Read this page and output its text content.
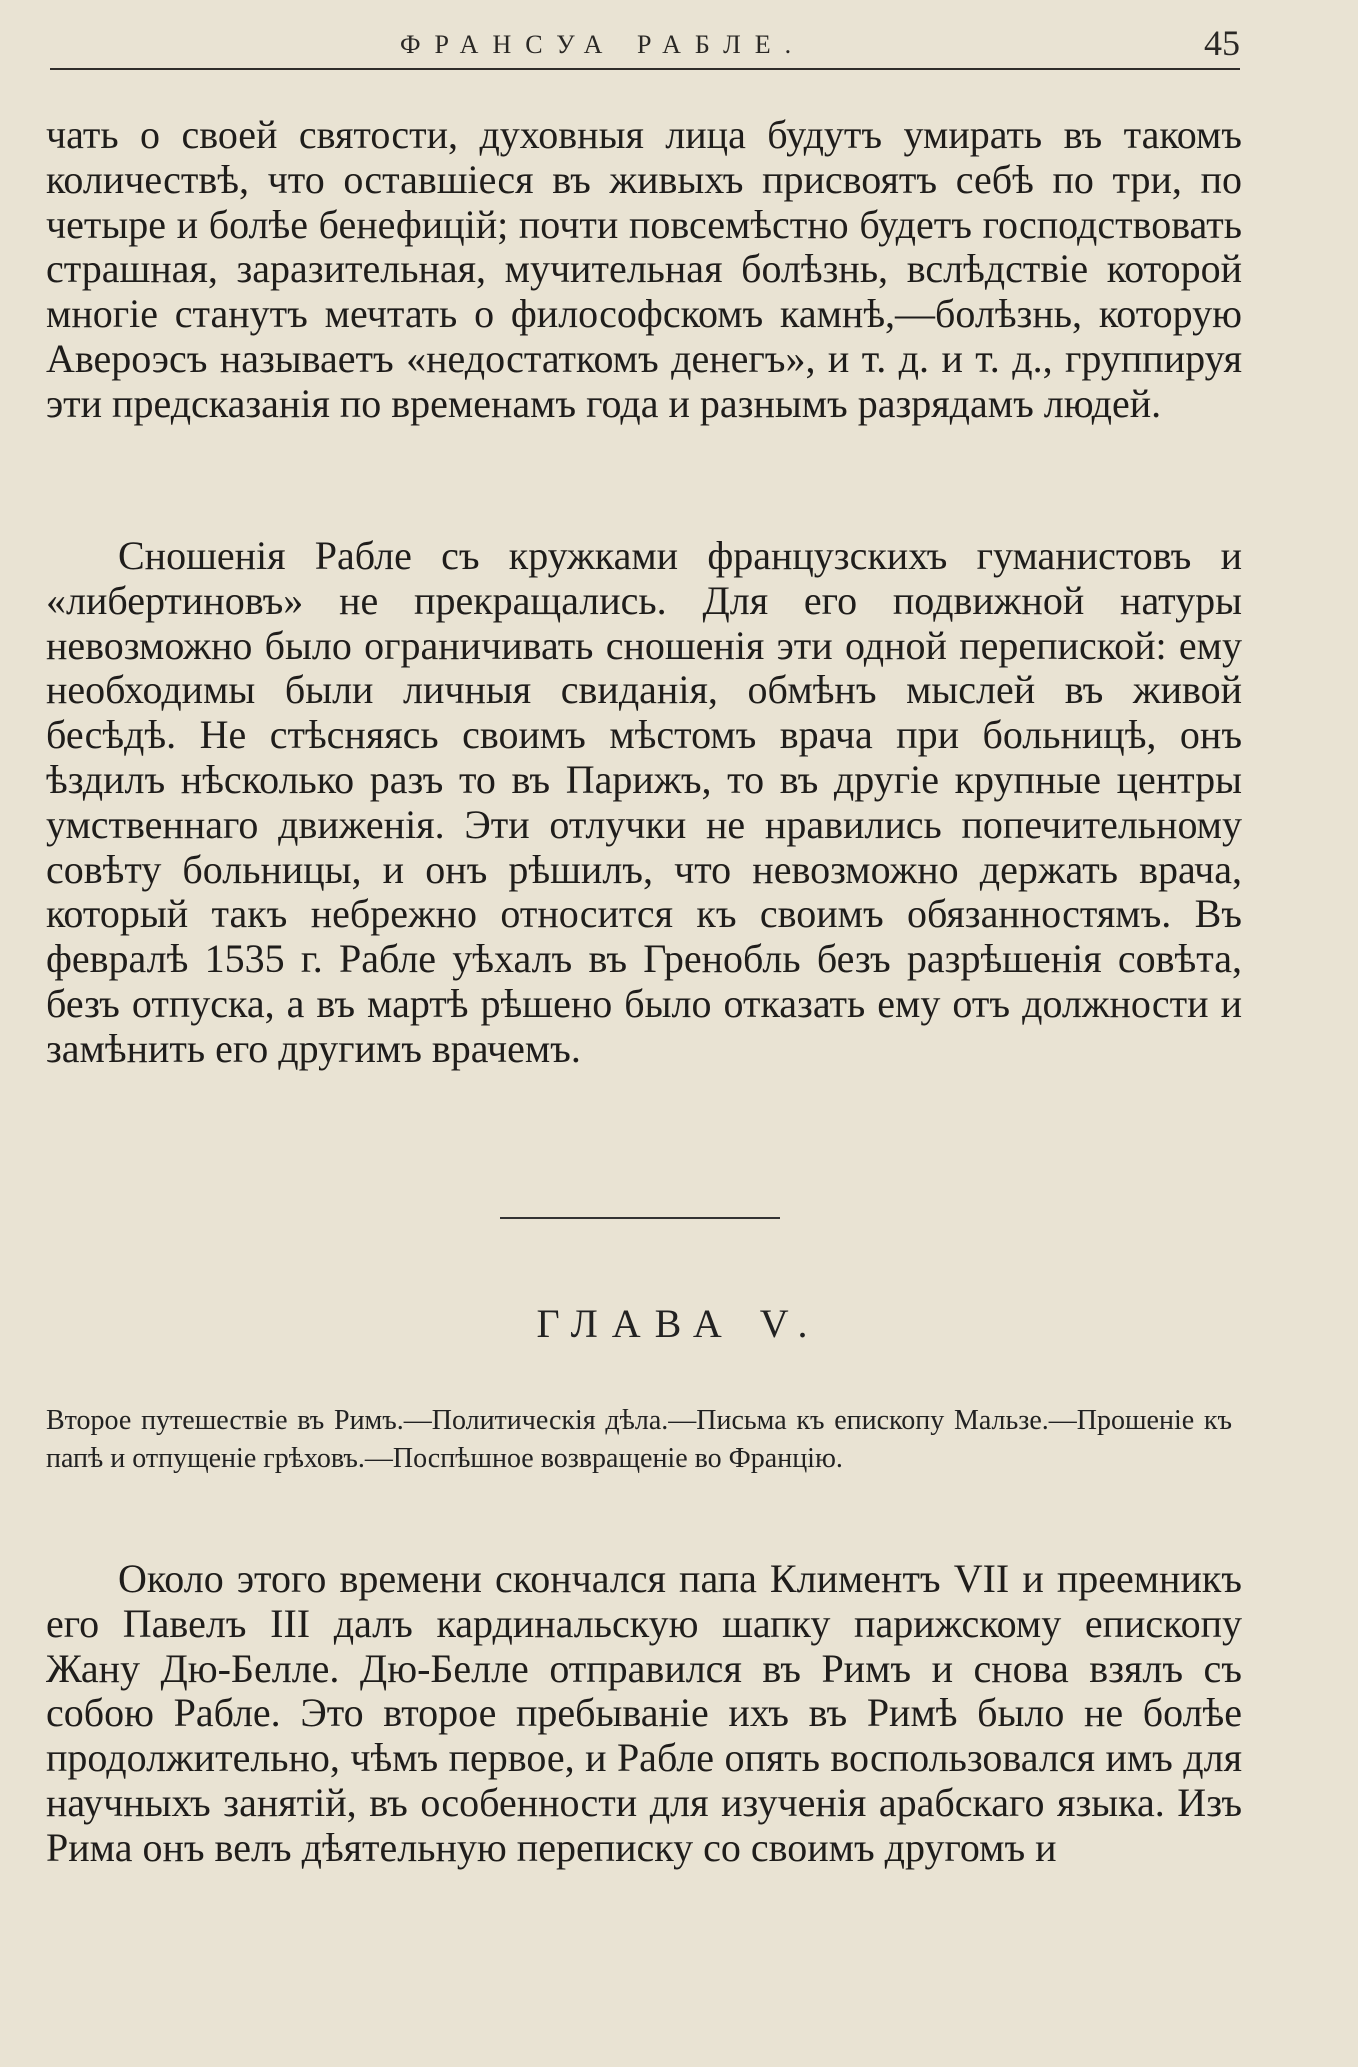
ФРАНСУА РАБЛЕ.	45

чать о своей святости, духовныя лица будутъ умирать въ такомъ количествѣ, что оставшіеся въ живыхъ присвоятъ себѣ по три, по четыре и болѣе бенефицій; почти повсемѣстно будетъ господствовать страшная, заразительная, мучительная болѣзнь, вслѣдствіе которой многіе станутъ мечтать о философскомъ камнѣ,—болѣзнь, которую Авероэсъ называетъ «недостаткомъ денегъ», и т. д. и т. д., группируя эти предсказанія по временамъ года и разнымъ разрядамъ людей.

Сношенія Рабле съ кружками французскихъ гуманистовъ и «либертиновъ» не прекращались. Для его подвижной натуры невозможно было ограничивать сношенія эти одной перепиской: ему необходимы были личныя свиданія, обмѣнъ мыслей въ живой бесѣдѣ. Не стѣсняясь своимъ мѣстомъ врача при больницѣ, онъ ѣздилъ нѣсколько разъ то въ Парижъ, то въ другіе крупные центры умственнаго движенія. Эти отлучки не нравились попечительному совѣту больницы, и онъ рѣшилъ, что невозможно держать врача, который такъ небрежно относится къ своимъ обязанностямъ. Въ февралѣ 1535 г. Рабле уѣхалъ въ Гренобль безъ разрѣшенія совѣта, безъ отпуска, а въ мартѣ рѣшено было отказать ему отъ должности и замѣнить его другимъ врачемъ.

ГЛАВА V.
Второе путешествіе въ Римъ.—Политическія дѣла.—Письма къ епископу Мальзе.—Прошеніе къ папѣ и отпущеніе грѣховъ.—Поспѣшное возвращеніе во Францію.

Около этого времени скончался папа Климентъ VII и преемникъ его Павелъ III далъ кардинальскую шапку парижскому епископу Жану Дю-Белле. Дю-Белле отправился въ Римъ и снова взялъ съ собою Рабле. Это второе пребываніе ихъ въ Римѣ было не болѣе продолжительно, чѣмъ первое, и Рабле опять воспользовался имъ для научныхъ занятій, въ особенности для изученія арабскаго языка. Изъ Рима онъ велъ дѣятельную переписку со своимъ другомъ и
